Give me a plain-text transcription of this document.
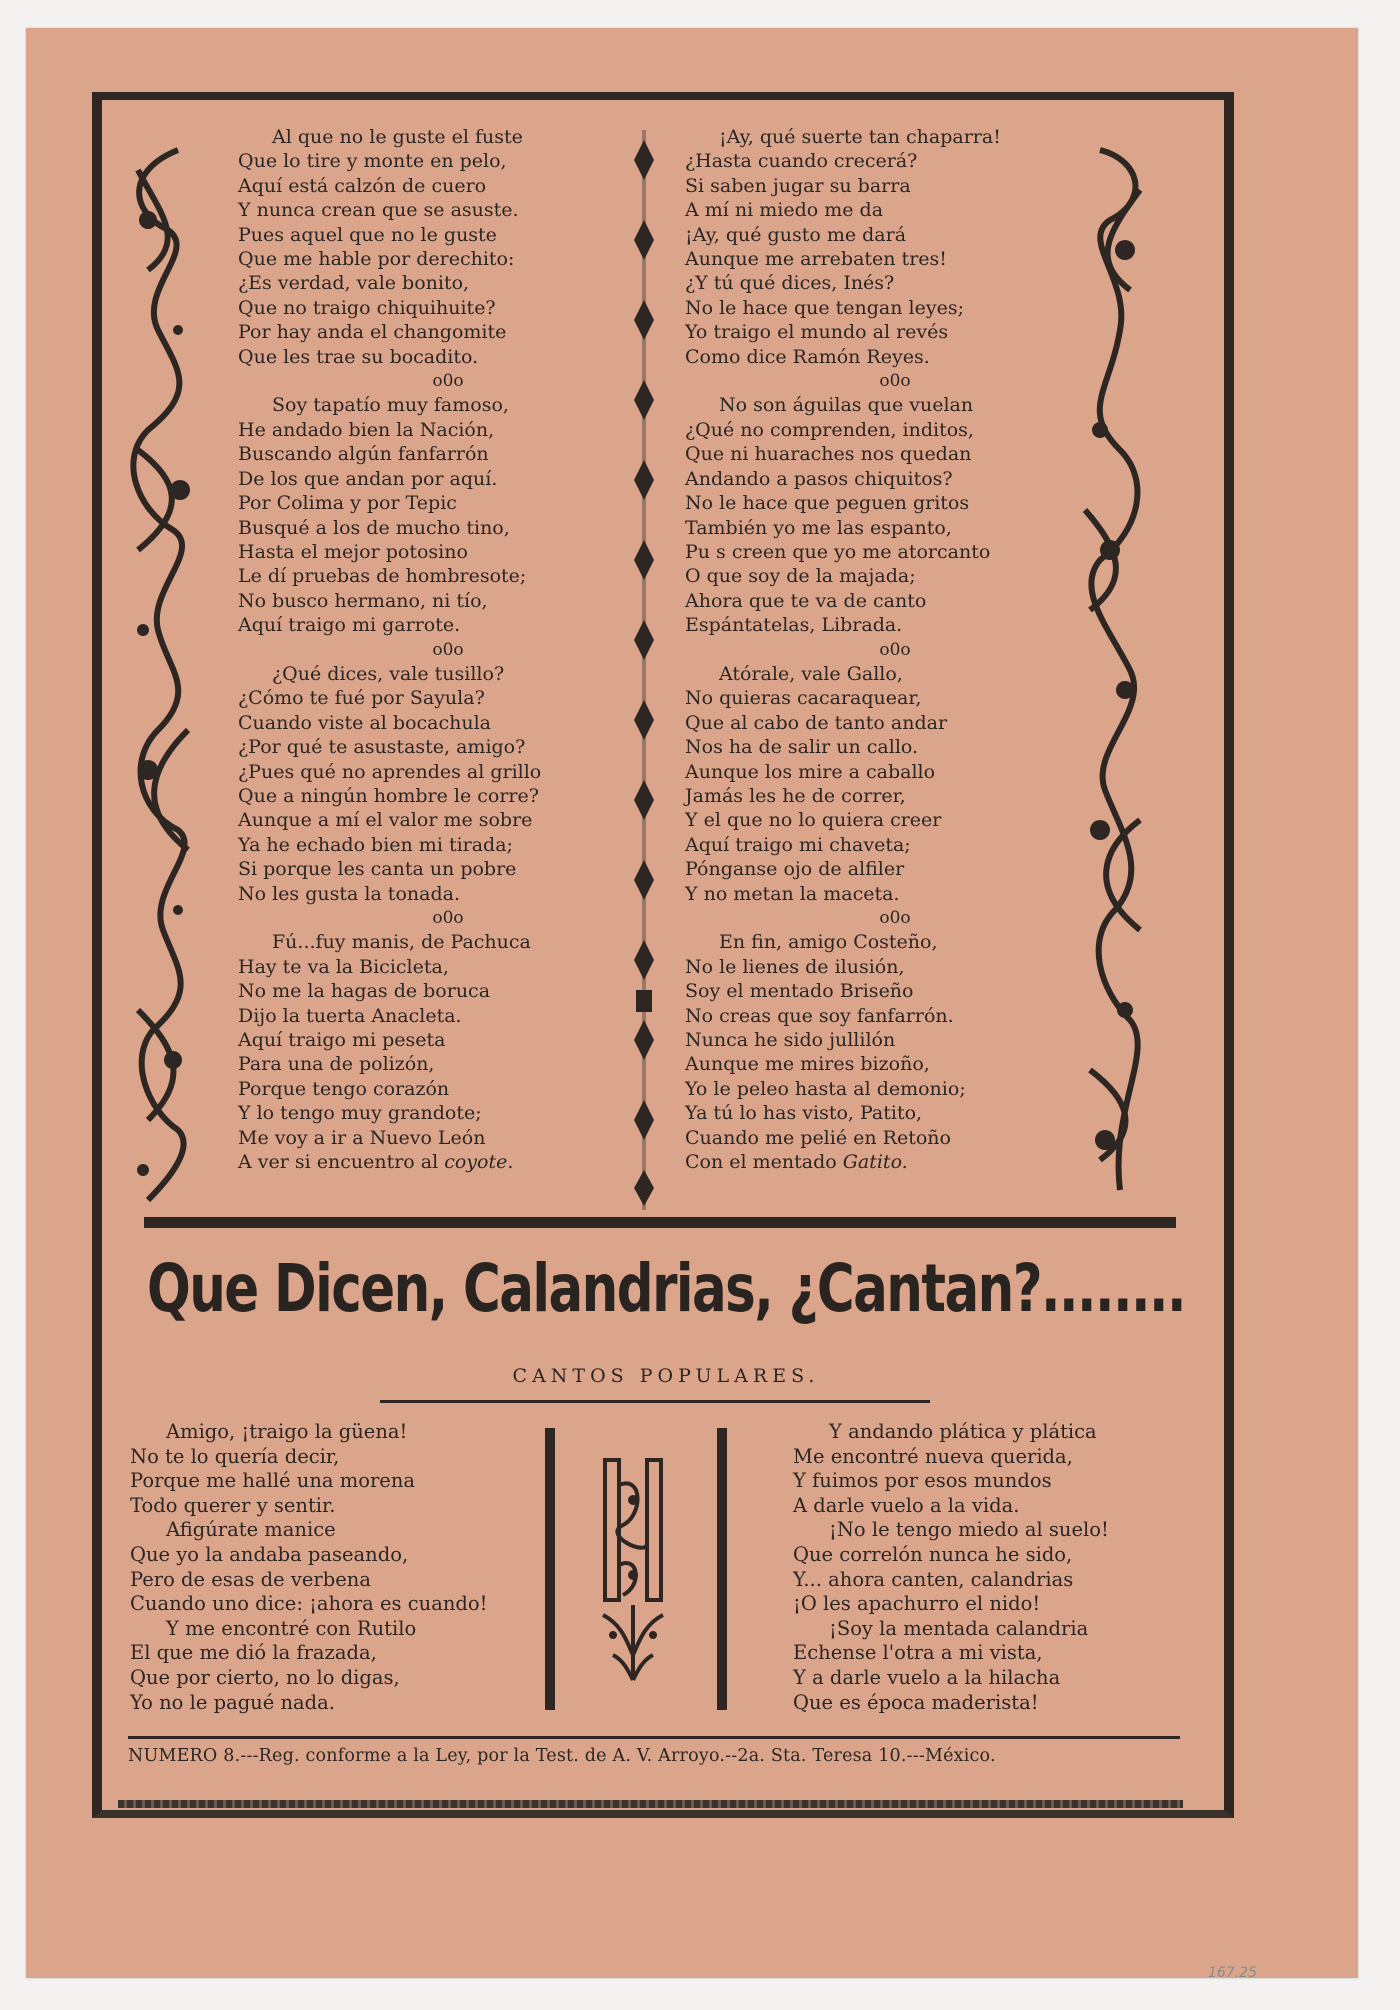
Al que no le guste el fuste
Que lo tire y monte en pelo,
Aquí está calzón de cuero
Y nunca crean que se asuste.
Pues aquel que no le guste
Que me hable por derechito:
¿Es verdad, vale bonito,
Que no traigo chiquihuite?
Por hay anda el changomite
Que les trae su bocadito.
o0o
Soy tapatío muy famoso,
He andado bien la Nación,
Buscando algún fanfarrón
De los que andan por aquí.
Por Colima y por Tepic
Busqué a los de mucho tino,
Hasta el mejor potosino
Le dí pruebas de hombresote;
No busco hermano, ni tío,
Aquí traigo mi garrote.
o0o
¿Qué dices, vale tusillo?
¿Cómo te fué por Sayula?
Cuando viste al bocachula
¿Por qué te asustaste, amigo?
¿Pues qué no aprendes al grillo
Que a ningún hombre le corre?
Aunque a mí el valor me sobre
Ya he echado bien mi tirada;
Si porque les canta un pobre
No les gusta la tonada.
o0o
Fú...fuy manis, de Pachuca
Hay te va la Bicicleta,
No me la hagas de boruca
Dijo la tuerta Anacleta.
Aquí traigo mi peseta
Para una de polizón,
Porque tengo corazón
Y lo tengo muy grandote;
Me voy a ir a Nuevo León
A ver si encuentro al coyote.
¡Ay, qué suerte tan chaparra!
¿Hasta cuando crecerá?
Si saben jugar su barra
A mí ni miedo me da
¡Ay, qué gusto me dará
Aunque me arrebaten tres!
¿Y tú qué dices, Inés?
No le hace que tengan leyes;
Yo traigo el mundo al revés
Como dice Ramón Reyes.
o0o
No son águilas que vuelan
¿Qué no comprenden, inditos,
Que ni huaraches nos quedan
Andando a pasos chiquitos?
No le hace que peguen gritos
También yo me las espanto,
Pu s creen que yo me atorcanto
O que soy de la majada;
Ahora que te va de canto
Espántatelas, Librada.
o0o
Atórale, vale Gallo,
No quieras cacaraquear,
Que al cabo de tanto andar
Nos ha de salir un callo.
Aunque los mire a caballo
Jamás les he de correr,
Y el que no lo quiera creer
Aquí traigo mi chaveta;
Pónganse ojo de alfiler
Y no metan la maceta.
o0o
En fin, amigo Costeño,
No le lienes de ilusión,
Soy el mentado Briseño
No creas que soy fanfarrón.
Nunca he sido jullilón
Aunque me mires bizoño,
Yo le peleo hasta al demonio;
Ya tú lo has visto, Patito,
Cuando me pelié en Retoño
Con el mentado Gatito.
Que Dicen, Calandrias, ¿Cantan?........
CANTOS POPULARES.
Amigo, ¡traigo la güena!
No te lo quería decir,
Porque me hallé una morena
Todo querer y sentir.
Afigúrate manice
Que yo la andaba paseando,
Pero de esas de verbena
Cuando uno dice: ¡ahora es cuando!
Y me encontré con Rutilo
El que me dió la frazada,
Que por cierto, no lo digas,
Yo no le pagué nada.
Y andando plática y plática
Me encontré nueva querida,
Y fuimos por esos mundos
A darle vuelo a la vida.
¡No le tengo miedo al suelo!
Que correlón nunca he sido,
Y... ahora canten, calandrias
¡O les apachurro el nido!
¡Soy la mentada calandria
Echense l'otra a mi vista,
Y a darle vuelo a la hilacha
Que es época maderista!
NUMERO 8.---Reg. conforme a la Ley, por la Test. de A. V. Arroyo.--2a. Sta. Teresa 10.---México.
167.25
